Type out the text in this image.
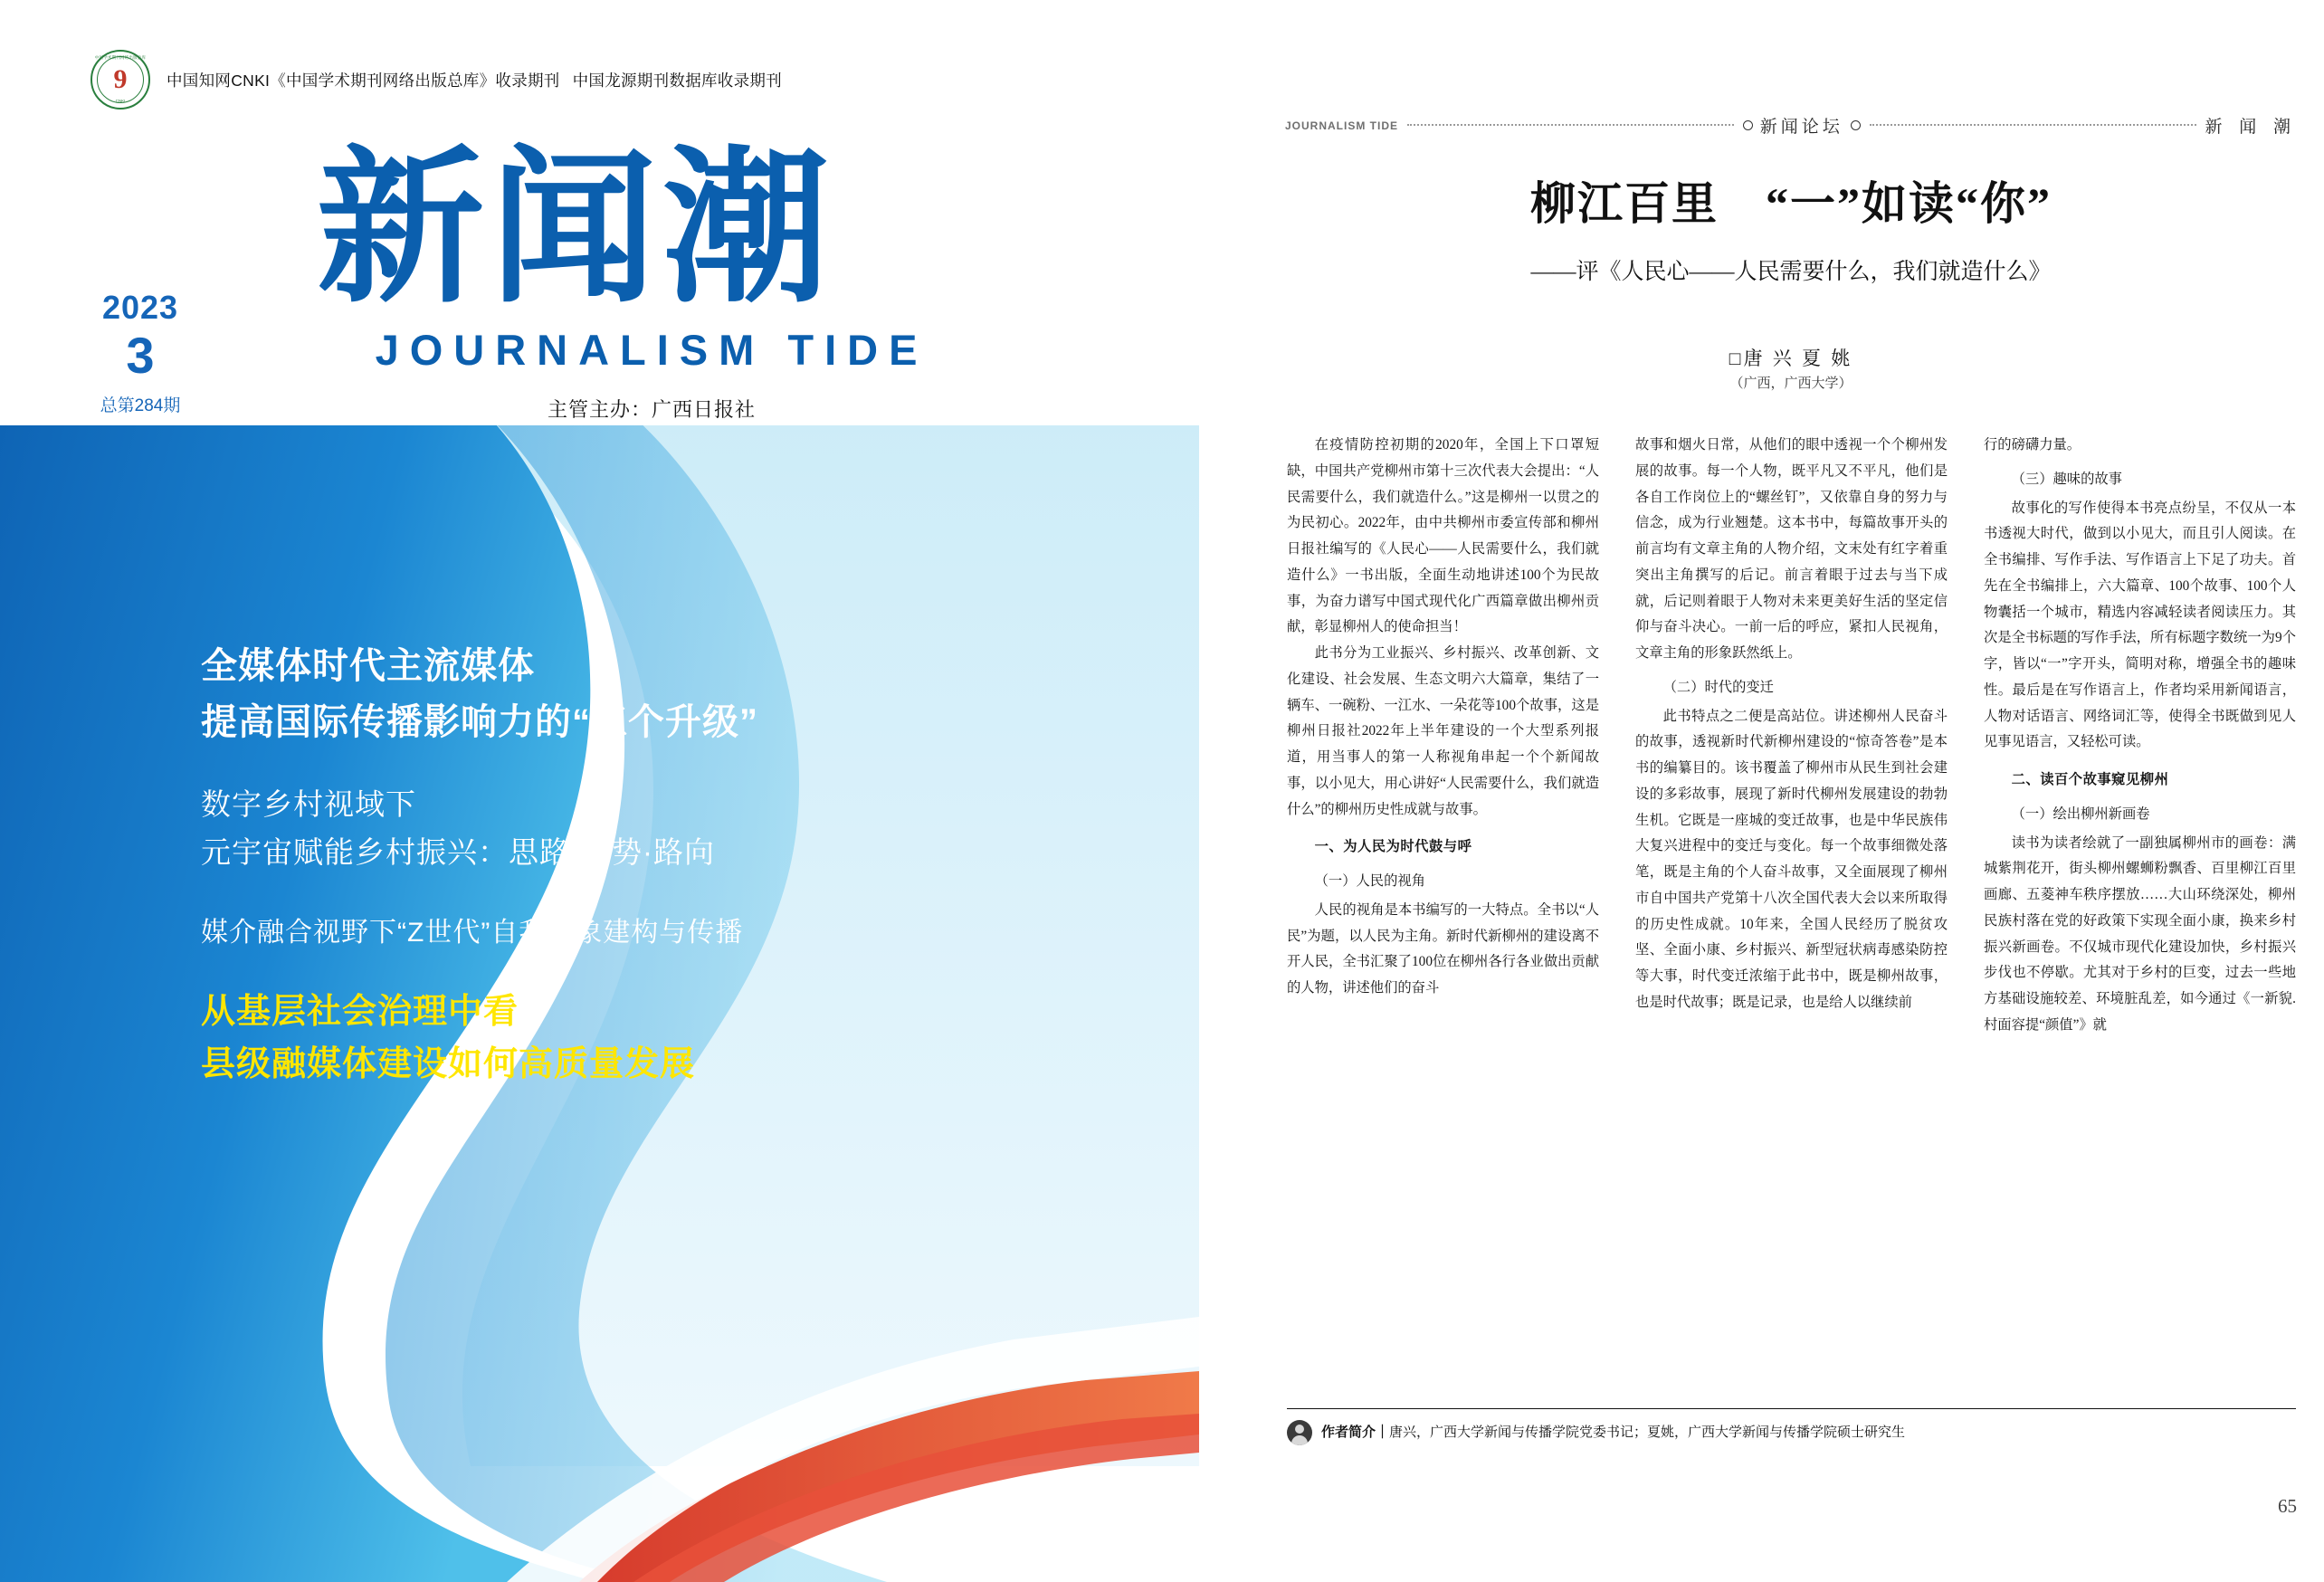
中国学术期刊网络出版总库
9
CNKI
中国知网CNKI《中国学术期刊网络出版总库》收录期刊 中国龙源期刊数据库收录期刊
2023
3
总第284期
新闻潮
JOURNALISM TIDE
主管主办：广西日报社
全媒体时代主流媒体
提高国际传播影响力的“三个升级”
数字乡村视域下
元宇宙赋能乡村振兴：思路·态势·路向
媒介融合视野下“Z世代”自我形象建构与传播
从基层社会治理中看
县级融媒体建设如何高质量发展
JOURNALISM TIDE	新闻论坛	新 闻 潮
柳江百里　“一”如读“你”
——评《人民心——人民需要什么，我们就造什么》
□唐 兴 夏 姚
（广西，广西大学）

在疫情防控初期的2020年，全国上下口罩短缺，中国共产党柳州市第十三次代表大会提出：“人民需要什么，我们就造什么。”这是柳州一以贯之的为民初心。2022年，由中共柳州市委宣传部和柳州日报社编写的《人民心——人民需要什么，我们就造什么》一书出版，全面生动地讲述100个为民故事，为奋力谱写中国式现代化广西篇章做出柳州贡献，彰显柳州人的使命担当！

此书分为工业振兴、乡村振兴、改革创新、文化建设、社会发展、生态文明六大篇章，集结了一辆车、一碗粉、一江水、一朵花等100个故事，这是柳州日报社2022年上半年建设的一个大型系列报道，用当事人的第一人称视角串起一个个新闻故事，以小见大，用心讲好“人民需要什么，我们就造什么”的柳州历史性成就与故事。

一、为人民为时代鼓与呼

（一）人民的视角

人民的视角是本书编写的一大特点。全书以“人民”为题，以人民为主角。新时代新柳州的建设离不开人民，全书汇聚了100位在柳州各行各业做出贡献的人物，讲述他们的奋斗

故事和烟火日常，从他们的眼中透视一个个柳州发展的故事。每一个人物，既平凡又不平凡，他们是各自工作岗位上的“螺丝钉”，又依靠自身的努力与信念，成为行业翘楚。这本书中，每篇故事开头的前言均有文章主角的人物介绍，文末处有红字着重突出主角撰写的后记。前言着眼于过去与当下成就，后记则着眼于人物对未来更美好生活的坚定信仰与奋斗决心。一前一后的呼应，紧扣人民视角，文章主角的形象跃然纸上。

（二）时代的变迁

此书特点之二便是高站位。讲述柳州人民奋斗的故事，透视新时代新柳州建设的“惊奇答卷”是本书的编纂目的。该书覆盖了柳州市从民生到社会建设的多彩故事，展现了新时代柳州发展建设的勃勃生机。它既是一座城的变迁故事，也是中华民族伟大复兴进程中的变迁与变化。每一个故事细微处落笔，既是主角的个人奋斗故事，又全面展现了柳州市自中国共产党第十八次全国代表大会以来所取得的历史性成就。10年来，全国人民经历了脱贫攻坚、全面小康、乡村振兴、新型冠状病毒感染防控等大事，时代变迁浓缩于此书中，既是柳州故事，也是时代故事；既是记录，也是给人以继续前

行的磅礴力量。

（三）趣味的故事

故事化的写作使得本书亮点纷呈，不仅从一本书透视大时代，做到以小见大，而且引人阅读。在全书编排、写作手法、写作语言上下足了功夫。首先在全书编排上，六大篇章、100个故事、100个人物囊括一个城市，精选内容减轻读者阅读压力。其次是全书标题的写作手法，所有标题字数统一为9个字，皆以“一”字开头，简明对称，增强全书的趣味性。最后是在写作语言上，作者均采用新闻语言，人物对话语言、网络词汇等，使得全书既做到见人见事见语言，又轻松可读。

二、读百个故事窥见柳州

（一）绘出柳州新画卷

读书为读者绘就了一副独属柳州市的画卷：满城紫荆花开，街头柳州螺蛳粉飘香、百里柳江百里画廊、五菱神车秩序摆放……大山环绕深处，柳州民族村落在党的好政策下实现全面小康，换来乡村振兴新画卷。不仅城市现代化建设加快，乡村振兴步伐也不停歇。尤其对于乡村的巨变，过去一些地方基础设施较差、环境脏乱差，如今通过《一新貌.村面容提“颜值”》就

作者简介｜唐兴，广西大学新闻与传播学院党委书记；夏姚，广西大学新闻与传播学院硕士研究生
65
